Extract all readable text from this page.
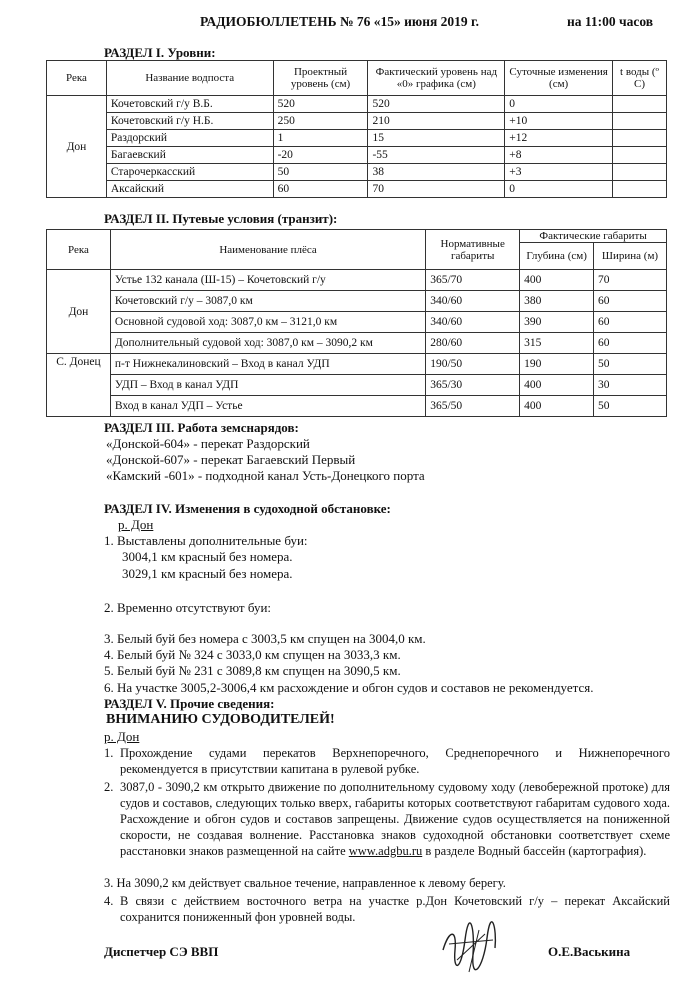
РАДИОБЮЛЛЕТЕНЬ № 76 «15» июня 2019 г.	на 11:00 часов
РАЗДЕЛ I. Уровни:
Река	Название водпоста	Проектный уровень (см)	Фактический уровень над «0» графика (см)	Суточные изменения (см)	t воды (º С)
Дон	Кочетовский г/у В.Б.	520	520	0	
	Кочетовский г/у Н.Б.	250	210	+10	
	Раздорский	1	15	+12	
	Багаевский	-20	-55	+8	
	Старочеркасский	50	38	+3	
	Аксайский	60	70	0	
РАЗДЕЛ II. Путевые условия (транзит):
Река	Наименование плёса	Нормативные габариты	Фактические габариты	
			Глубина (см)	Ширина (м)
Дон	Устье 132 канала (Ш-15) – Кочетовский г/у	365/70	400	70
	Кочетовский г/у – 3087,0 км	340/60	380	60
	Основной судовой ход: 3087,0 км – 3121,0 км	340/60	390	60
	Дополнительный судовой ход: 3087,0 км – 3090,2 км	280/60	315	60
С. Донец	п-т Нижнекалиновский – Вход в канал УДП	190/50	190	50
	УДП – Вход в канал УДП	365/30	400	30
	Вход в канал УДП – Устье	365/50	400	50
РАЗДЕЛ III. Работа земснарядов:
«Донской-604» - перекат Раздорский
«Донской-607» - перекат Багаевский Первый
«Камский -601» - подходной канал Усть-Донецкого порта
РАЗДЕЛ IV. Изменения в судоходной обстановке:
р. Дон
1. Выставлены дополнительные буи:
3004,1 км красный без номера.
3029,1 км красный без номера.
2. Временно отсутствуют буи:
3. Белый буй без номера с 3003,5 км спущен на 3004,0 км.
4. Белый буй № 324 с 3033,0 км спущен на 3033,3 км.
5. Белый буй № 231 с 3089,8 км спущен на 3090,5 км.
6. На участке 3005,2-3006,4 км расхождение и обгон судов и составов не рекомендуется.
РАЗДЕЛ V. Прочие сведения:
ВНИМАНИЮ СУДОВОДИТЕЛЕЙ!
р. Дон
1. Прохождение судами перекатов Верхнепоречного, Среднепоречного и Нижнепоречного рекомендуется в присутствии капитана в рулевой рубке.
2. 3087,0 - 3090,2 км открыто движение по дополнительному судовому ходу (левобережной протоке) для судов и составов, следующих только вверх, габариты которых соответствуют габаритам судового хода. Расхождение и обгон судов и составов запрещены. Движение судов осуществляется на пониженной скорости, не создавая волнение. Расстановка знаков судоходной обстановки соответствует схеме расстановки знаков размещенной на сайте www.adgbu.ru в разделе Водный бассейн (картография).
3. На 3090,2 км действует свальное течение, направленное к левому берегу.
4. В связи с действием восточного ветра на участке р.Дон Кочетовский г/у – перекат Аксайский сохранится пониженный фон уровней воды.
Диспетчер СЭ ВВП	О.Е.Васькина
